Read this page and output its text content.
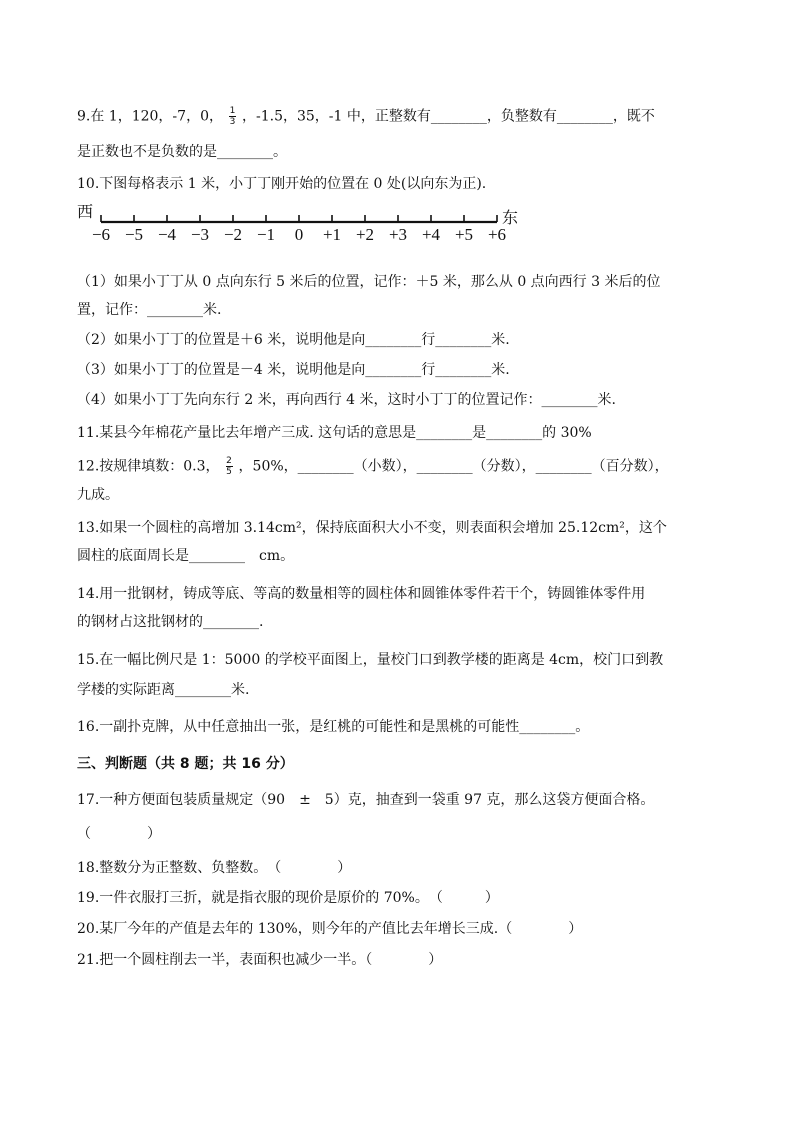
9.在 1，120，-7，0， $\frac{1}{3}$ ，-1.5，35，-1 中，正整数有________，负整数有________，既不
是正数也不是负数的是________。
10.下图每格表示 1 米，小丁丁刚开始的位置在 0 处(以向东为正).
西	东
−6 −5 −4 −3 −2 −1 0 +1 +2 +3 +4 +5 +6
（1）如果小丁丁从 0 点向东行 5 米后的位置，记作：＋5 米，那么从 0 点向西行 3 米后的位
置，记作：________米.
（2）如果小丁丁的位置是＋6 米，说明他是向________行________米.
（3）如果小丁丁的位置是－4 米，说明他是向________行________米.
（4）如果小丁丁先向东行 2 米，再向西行 4 米，这时小丁丁的位置记作：________米.
11.某县今年棉花产量比去年增产三成. 这句话的意思是________是________的 30%
12.按规律填数：0.3， $\frac{2}{5}$ ，50%，________（小数），________（分数），________（百分数），
九成。
13.如果一个圆柱的高增加 3.14cm²，保持底面积大小不变，则表面积会增加 25.12cm²，这个
圆柱的底面周长是________　cm。
14.用一批钢材，铸成等底、等高的数量相等的圆柱体和圆锥体零件若干个，铸圆锥体零件用
的钢材占这批钢材的________.
15.在一幅比例尺是 1：5000 的学校平面图上，量校门口到教学楼的距离是 4cm，校门口到教
学楼的实际距离________米.
16.一副扑克牌，从中任意抽出一张，是红桃的可能性和是黑桃的可能性________。
三、判断题（共 8 题；共 16 分）
17.一种方便面包装质量规定（90　±　5）克，抽查到一袋重 97 克，那么这袋方便面合格。
（　　　　）
18.整数分为正整数、负整数。　（　　　　）
19.一件衣服打三折，就是指衣服的现价是原价的 70%。　（　　　）
20.某厂今年的产值是去年的 130%，则今年的产值比去年增长三成.（　　　　）
21.把一个圆柱削去一半，表面积也减少一半。（　　　　）
